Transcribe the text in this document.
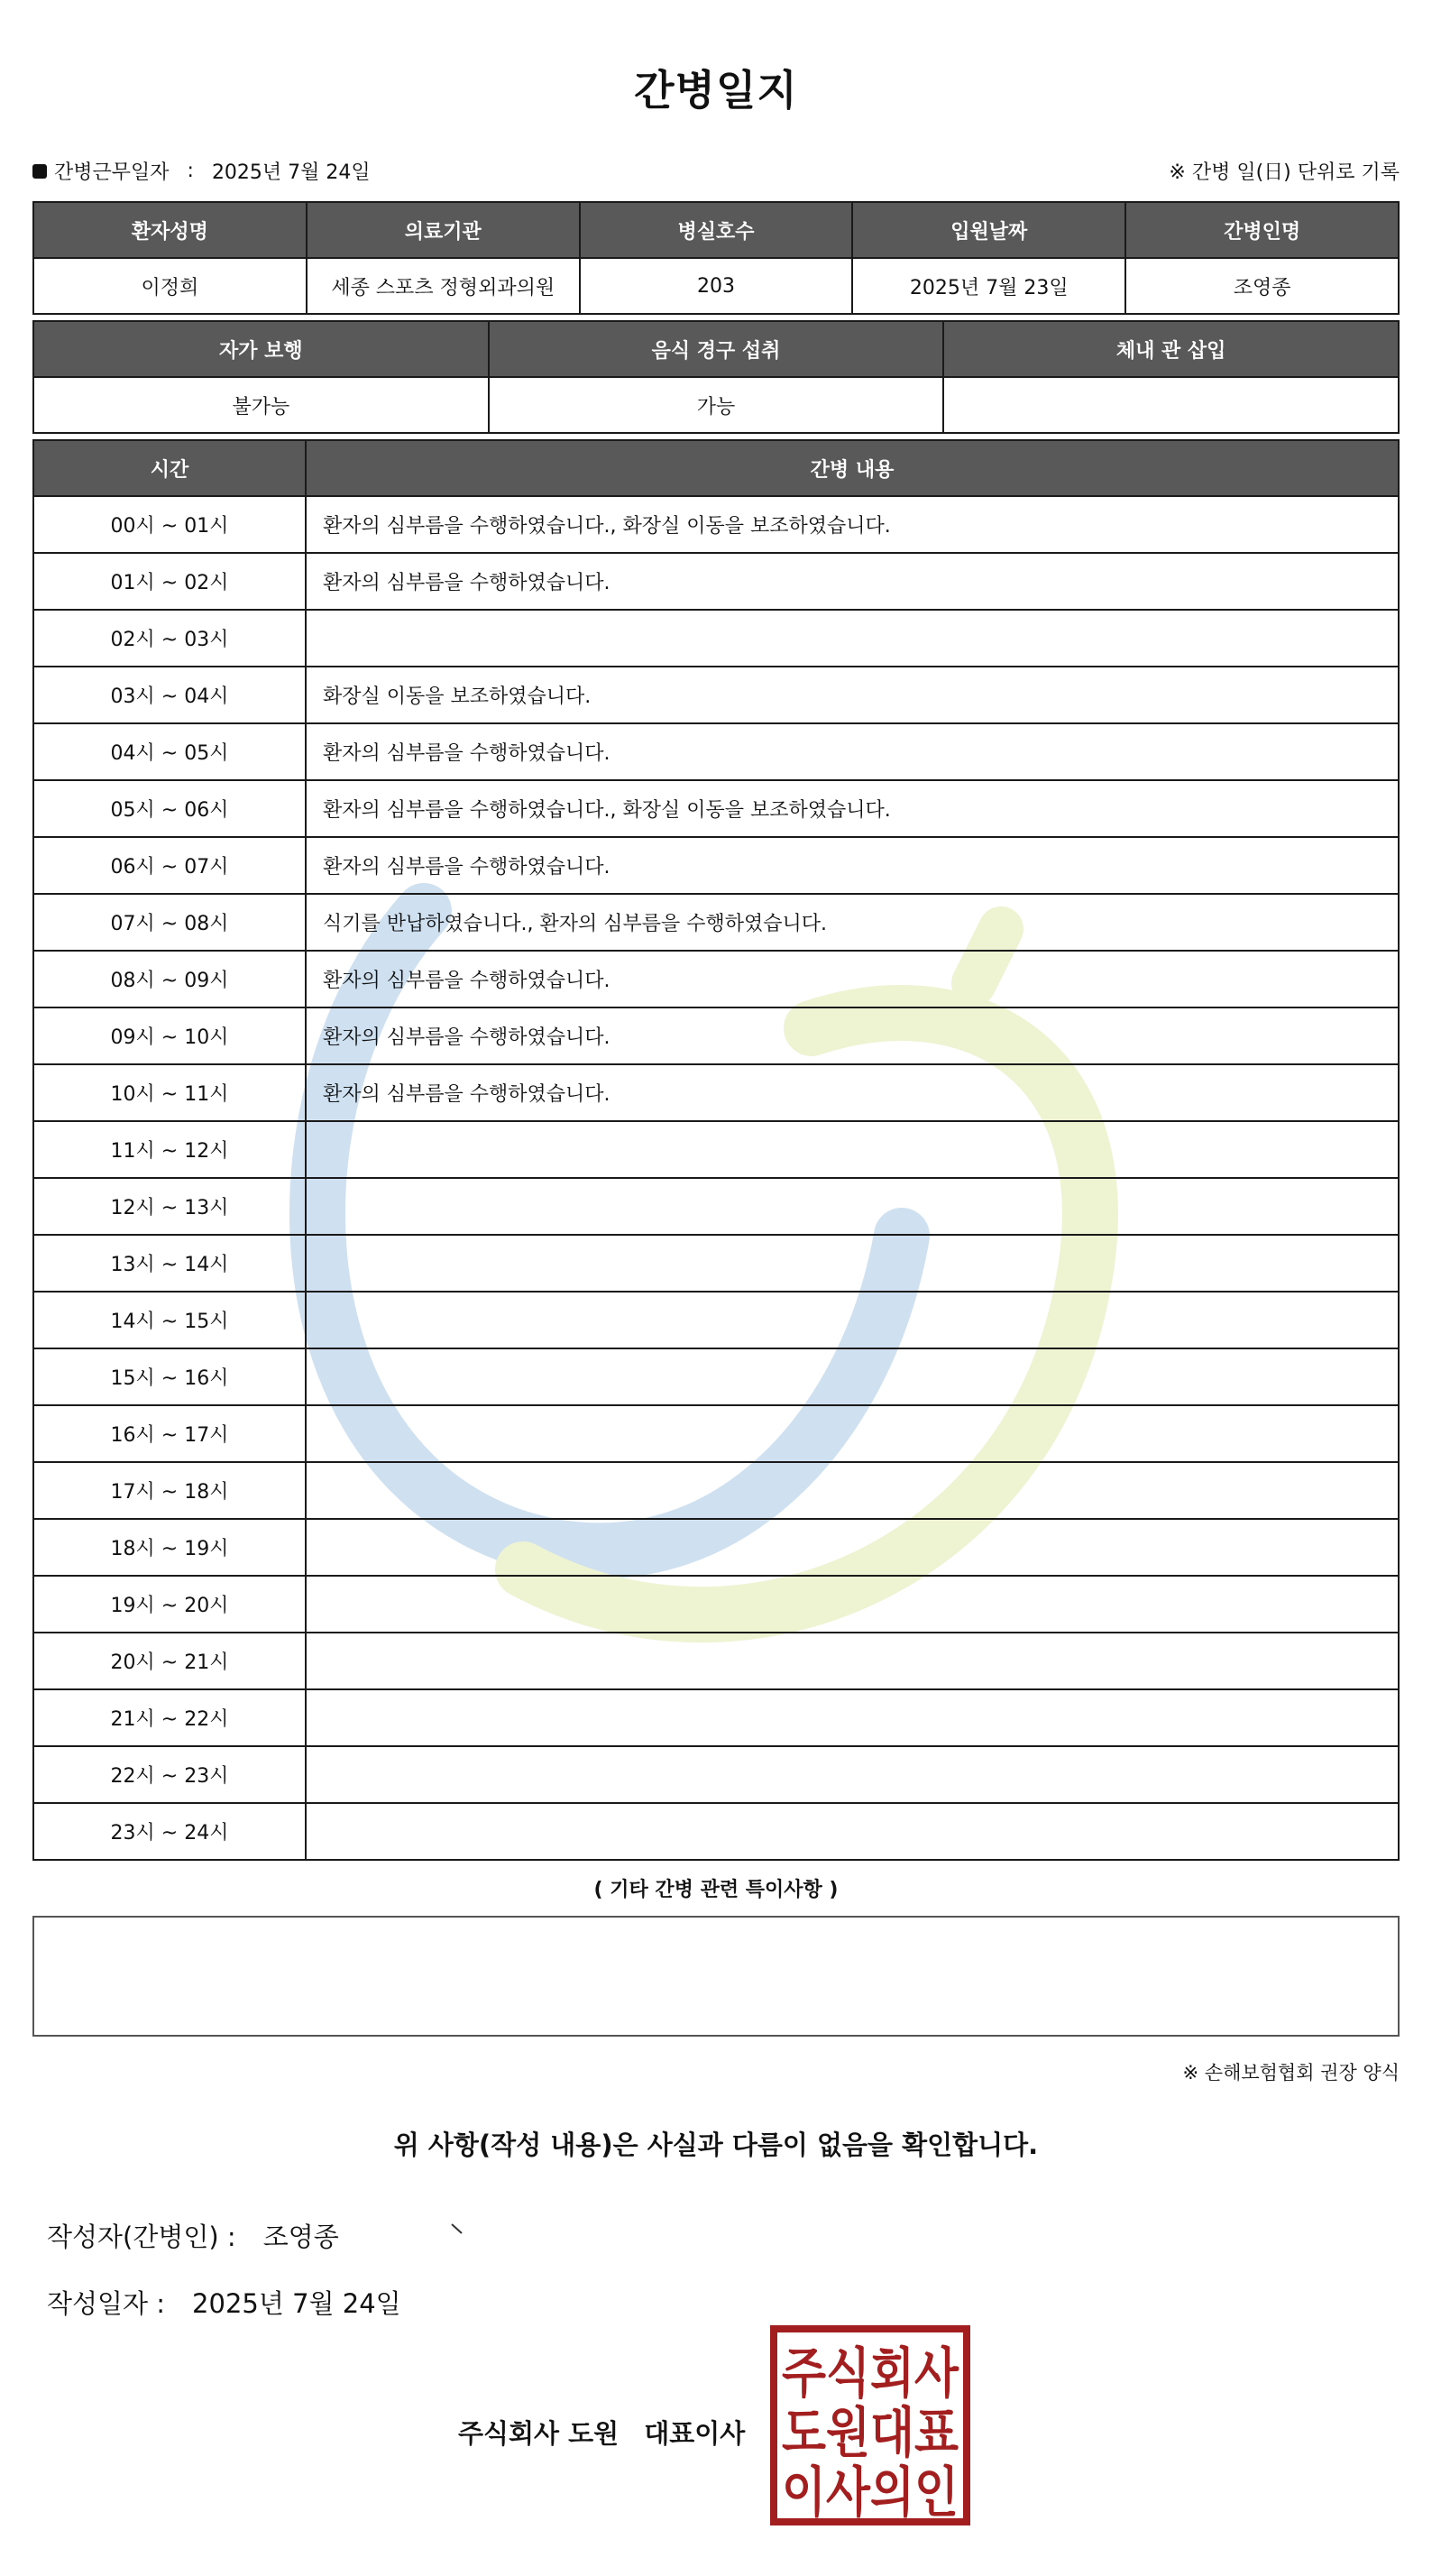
간병일지
간병근무일자 : 2025년 7월 24일	※ 간병 일(日) 단위로 기록
환자성명	의료기관	병실호수	입원날짜	간병인명
이정희	세종 스포츠 정형외과의원	203	2025년 7월 23일	조영종
자가 보행	음식 경구 섭취	체내 관 삽입
불가능	가능	
시간	간병 내용
00시 ~ 01시	환자의 심부름을 수행하였습니다., 화장실 이동을 보조하였습니다.
01시 ~ 02시	환자의 심부름을 수행하였습니다.
02시 ~ 03시	
03시 ~ 04시	화장실 이동을 보조하였습니다.
04시 ~ 05시	환자의 심부름을 수행하였습니다.
05시 ~ 06시	환자의 심부름을 수행하였습니다., 화장실 이동을 보조하였습니다.
06시 ~ 07시	환자의 심부름을 수행하였습니다.
07시 ~ 08시	식기를 반납하였습니다., 환자의 심부름을 수행하였습니다.
08시 ~ 09시	환자의 심부름을 수행하였습니다.
09시 ~ 10시	환자의 심부름을 수행하였습니다.
10시 ~ 11시	환자의 심부름을 수행하였습니다.
11시 ~ 12시	
12시 ~ 13시	
13시 ~ 14시	
14시 ~ 15시	
15시 ~ 16시	
16시 ~ 17시	
17시 ~ 18시	
18시 ~ 19시	
19시 ~ 20시	
20시 ~ 21시	
21시 ~ 22시	
22시 ~ 23시	
23시 ~ 24시	
( 기타 간병 관련 특이사항 )
※ 손해보험협회 권장 양식
위 사항(작성 내용)은 사실과 다름이 없음을 확인합니다.
작성자(간병인) : 조영종
작성일자 : 2025년 7월 24일
주식회사 도원 대표이사
주식회사
도원대표
이사의인
